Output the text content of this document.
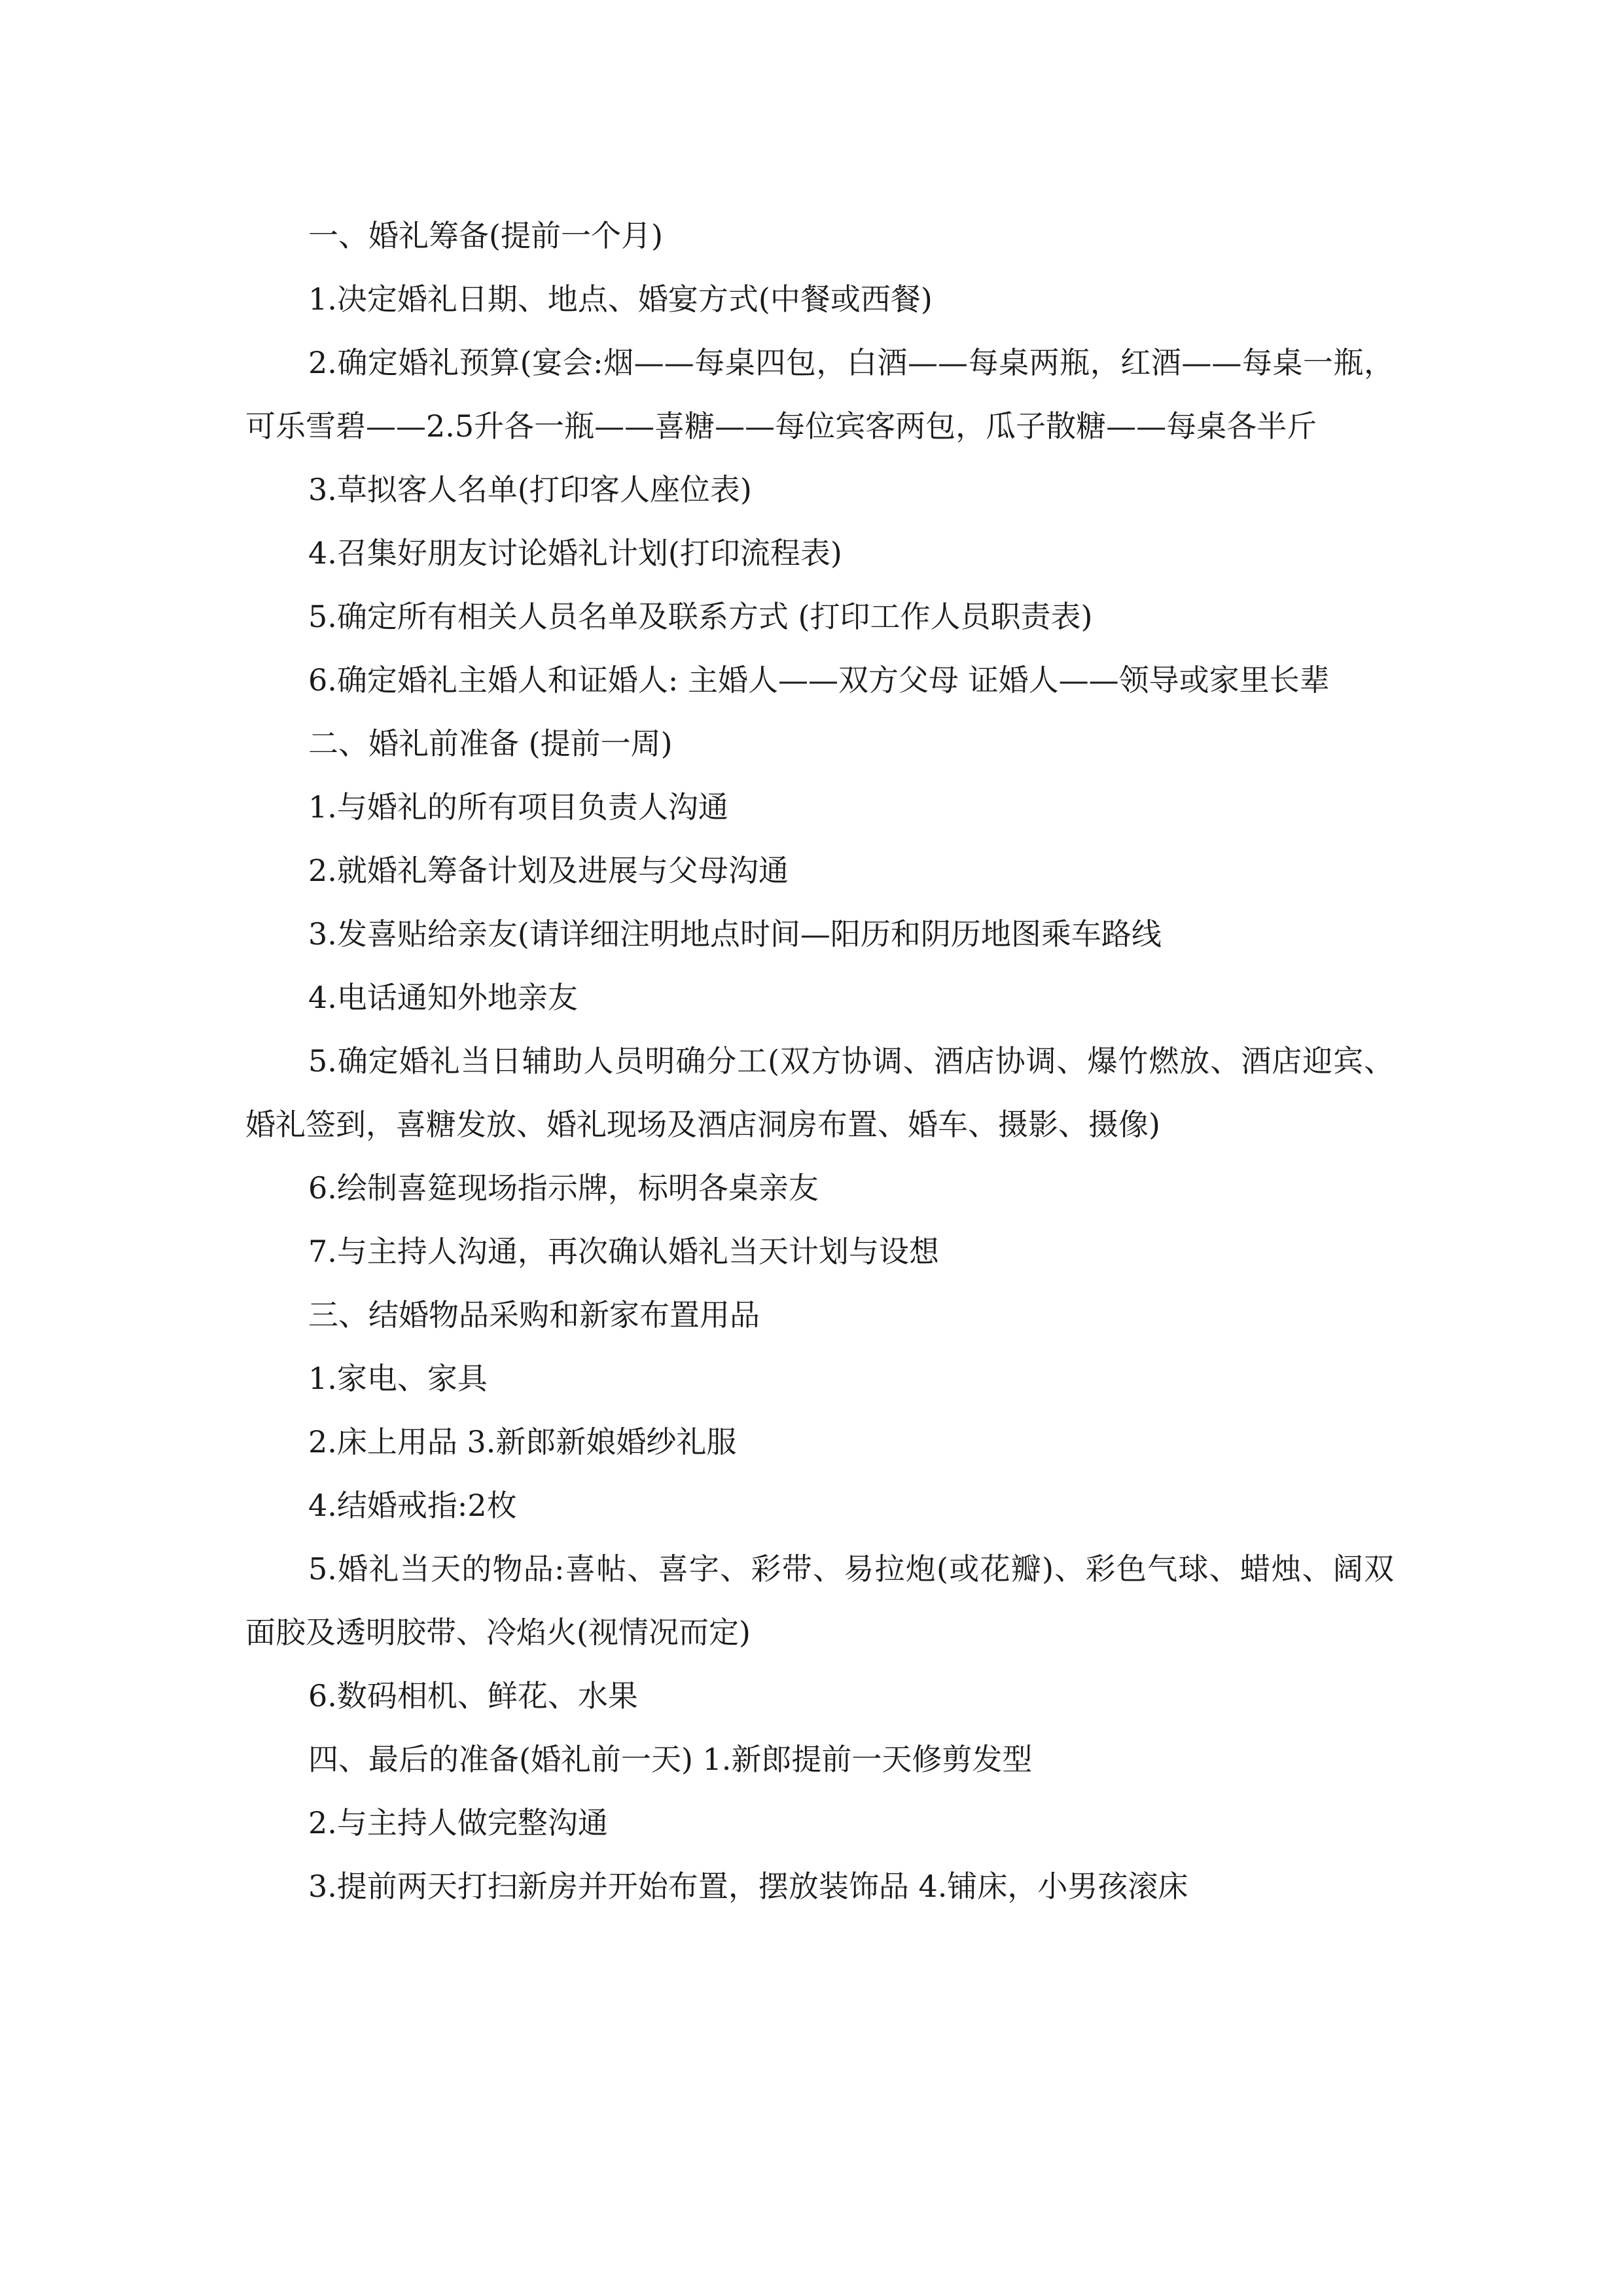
一、婚礼筹备(提前一个月)

1.决定婚礼日期、地点、婚宴方式(中餐或西餐)

2.确定婚礼预算(宴会:烟——每桌四包，白酒——每桌两瓶，红酒——每桌一瓶，可乐雪碧——2.5升各一瓶——喜糖——每位宾客两包，瓜子散糖——每桌各半斤

3.草拟客人名单(打印客人座位表)

4.召集好朋友讨论婚礼计划(打印流程表)

5.确定所有相关人员名单及联系方式 (打印工作人员职责表)

6.确定婚礼主婚人和证婚人: 主婚人——双方父母 证婚人——领导或家里长辈

二、婚礼前准备 (提前一周)

1.与婚礼的所有项目负责人沟通

2.就婚礼筹备计划及进展与父母沟通

3.发喜贴给亲友(请详细注明地点时间—阳历和阴历地图乘车路线

4.电话通知外地亲友

5.确定婚礼当日辅助人员明确分工(双方协调、酒店协调、爆竹燃放、酒店迎宾、婚礼签到，喜糖发放、婚礼现场及酒店洞房布置、婚车、摄影、摄像)

6.绘制喜筵现场指示牌，标明各桌亲友

7.与主持人沟通，再次确认婚礼当天计划与设想

三、结婚物品采购和新家布置用品

1.家电、家具

2.床上用品 3.新郎新娘婚纱礼服

4.结婚戒指:2枚

5.婚礼当天的物品:喜帖、喜字、彩带、易拉炮(或花瓣)、彩色气球、蜡烛、阔双面胶及透明胶带、冷焰火(视情况而定)

6.数码相机、鲜花、水果

四、最后的准备(婚礼前一天) 1.新郎提前一天修剪发型

2.与主持人做完整沟通

3.提前两天打扫新房并开始布置，摆放装饰品 4.铺床，小男孩滚床
